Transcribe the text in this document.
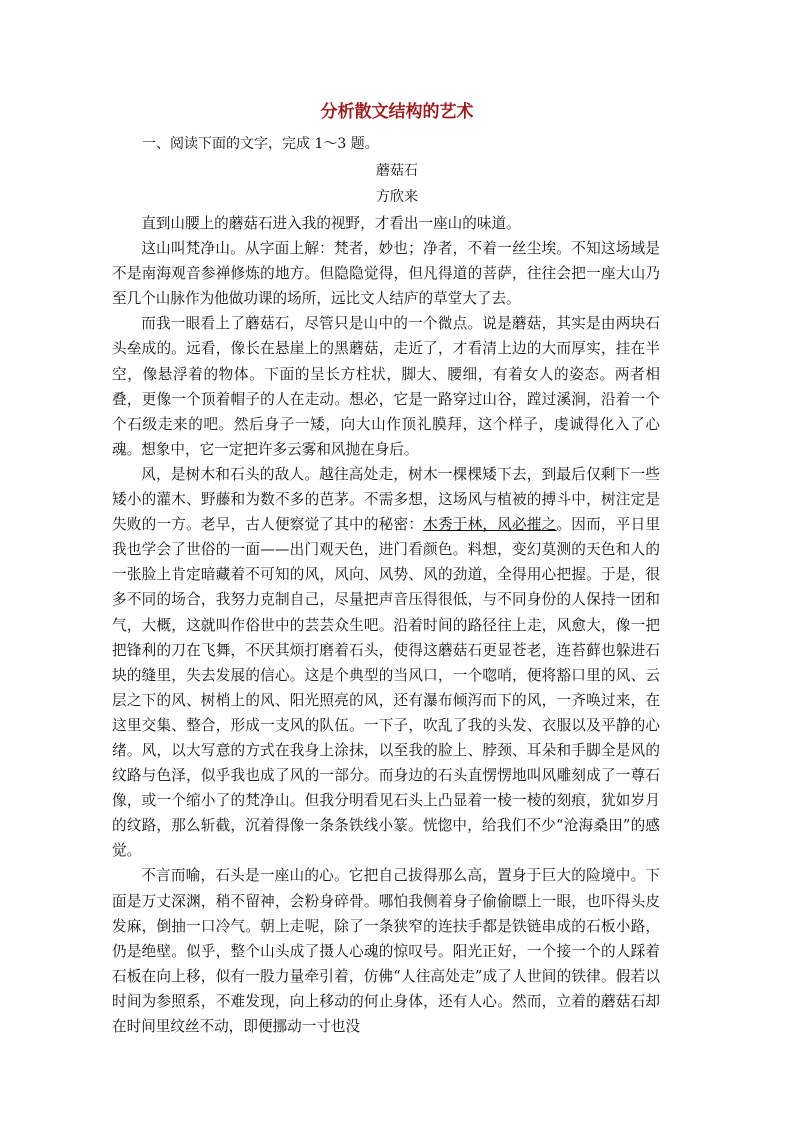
分析散文结构的艺术
一、阅读下面的文字，完成 1～3 题。
蘑菇石
方欣来

直到山腰上的蘑菇石进入我的视野，才看出一座山的味道。

这山叫梵净山。从字面上解：梵者，妙也；净者，不着一丝尘埃。不知这场域是不是南海观音参禅修炼的地方。但隐隐觉得，但凡得道的菩萨，往往会把一座大山乃至几个山脉作为他做功课的场所，远比文人结庐的草堂大了去。

而我一眼看上了蘑菇石，尽管只是山中的一个微点。说是蘑菇，其实是由两块石头垒成的。远看，像长在悬崖上的黑蘑菇，走近了，才看清上边的大而厚实，挂在半空，像悬浮着的物体。下面的呈长方柱状，脚大、腰细，有着女人的姿态。两者相叠，更像一个顶着帽子的人在走动。想必，它是一路穿过山谷，蹚过溪涧，沿着一个个石级走来的吧。然后身子一矮，向大山作顶礼膜拜，这个样子，虔诚得化入了心魂。想象中，它一定把许多云雾和风抛在身后。

风，是树木和石头的敌人。越往高处走，树木一棵棵矮下去，到最后仅剩下一些矮小的灌木、野藤和为数不多的芭茅。不需多想，这场风与植被的搏斗中，树注定是失败的一方。老早，古人便察觉了其中的秘密：木秀于林，风必摧之。因而，平日里我也学会了世俗的一面——出门观天色，进门看颜色。料想，变幻莫测的天色和人的一张脸上肯定暗藏着不可知的风，风向、风势、风的劲道，全得用心把握。于是，很多不同的场合，我努力克制自己，尽量把声音压得很低，与不同身份的人保持一团和气，大概，这就叫作俗世中的芸芸众生吧。沿着时间的路径往上走，风愈大，像一把把锋利的刀在飞舞，不厌其烦打磨着石头，使得这蘑菇石更显苍老，连苔藓也躲进石块的缝里，失去发展的信心。这是个典型的当风口，一个唿哨，便将豁口里的风、云层之下的风、树梢上的风、阳光照亮的风，还有瀑布倾泻而下的风，一齐唤过来，在这里交集、整合，形成一支风的队伍。一下子，吹乱了我的头发、衣服以及平静的心绪。风，以大写意的方式在我身上涂抹，以至我的脸上、脖颈、耳朵和手脚全是风的纹路与色泽，似乎我也成了风的一部分。而身边的石头直愣愣地叫风雕刻成了一尊石像，或一个缩小了的梵净山。但我分明看见石头上凸显着一棱一棱的刻痕，犹如岁月的纹路，那么斩截，沉着得像一条条铁线小篆。恍惚中，给我们不少“沧海桑田”的感觉。

不言而喻，石头是一座山的心。它把自己拔得那么高，置身于巨大的险境中。下面是万丈深渊，稍不留神，会粉身碎骨。哪怕我侧着身子偷偷瞟上一眼，也吓得头皮发麻，倒抽一口冷气。朝上走呢，除了一条狭窄的连扶手都是铁链串成的石板小路，仍是绝壁。似乎，整个山头成了摄人心魂的惊叹号。阳光正好，一个接一个的人踩着石板在向上移，似有一股力量牵引着，仿佛“人往高处走”成了人世间的铁律。假若以时间为参照系，不难发现，向上移动的何止身体，还有人心。然而，立着的蘑菇石却在时间里纹丝不动，即便挪动一寸也没
